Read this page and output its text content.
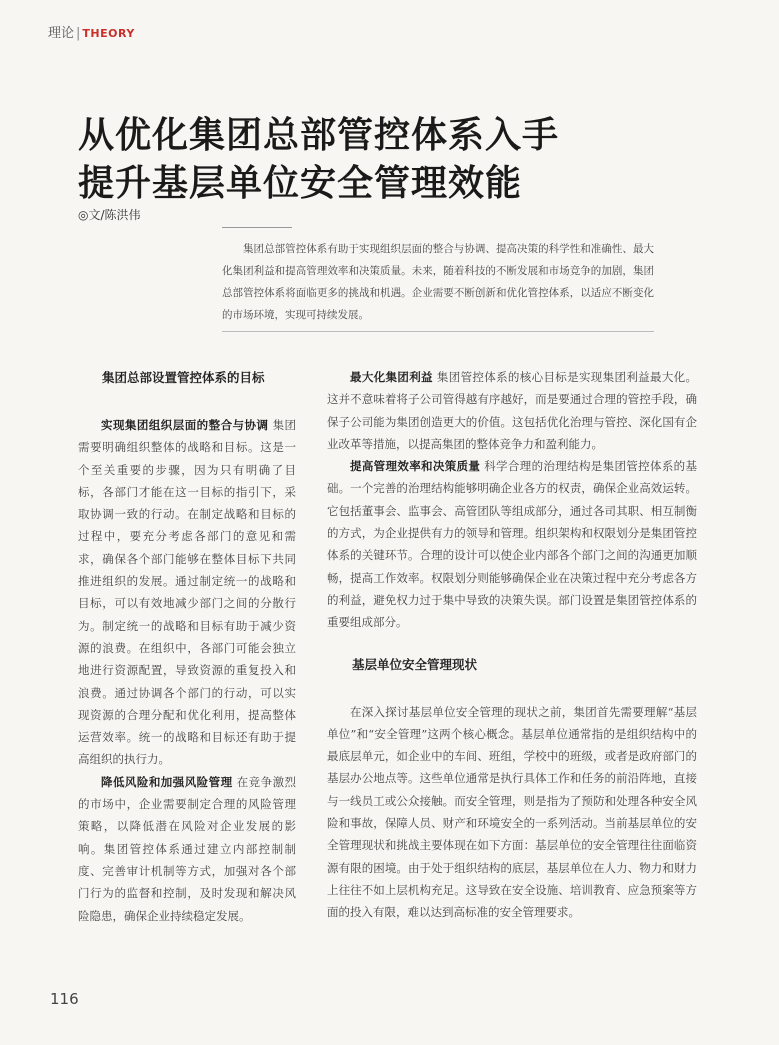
理论 | THEORY
从优化集团总部管控体系入手
提升基层单位安全管理效能
◎文/陈洪伟

集团总部管控体系有助于实现组织层面的整合与协调、提高决策的科学性和准确性、最大化集团利益和提高管理效率和决策质量。未来，随着科技的不断发展和市场竞争的加剧，集团总部管控体系将面临更多的挑战和机遇。企业需要不断创新和优化管控体系，以适应不断变化的市场环境，实现可持续发展。

集团总部设置管控体系的目标

实现集团组织层面的整合与协调 集团需要明确组织整体的战略和目标。这是一个至关重要的步骤，因为只有明确了目标，各部门才能在这一目标的指引下，采取协调一致的行动。在制定战略和目标的过程中，要充分考虑各部门的意见和需求，确保各个部门能够在整体目标下共同推进组织的发展。通过制定统一的战略和目标，可以有效地减少部门之间的分散行为。制定统一的战略和目标有助于减少资源的浪费。在组织中，各部门可能会独立地进行资源配置，导致资源的重复投入和浪费。通过协调各个部门的行动，可以实现资源的合理分配和优化利用，提高整体运营效率。统一的战略和目标还有助于提高组织的执行力。

降低风险和加强风险管理 在竞争激烈的市场中，企业需要制定合理的风险管理策略，以降低潜在风险对企业发展的影响。集团管控体系通过建立内部控制制度、完善审计机制等方式，加强对各个部门行为的监督和控制，及时发现和解决风险隐患，确保企业持续稳定发展。

最大化集团利益 集团管控体系的核心目标是实现集团利益最大化。这并不意味着将子公司管得越有序越好，而是要通过合理的管控手段，确保子公司能为集团创造更大的价值。这包括优化治理与管控、深化国有企业改革等措施，以提高集团的整体竞争力和盈利能力。

提高管理效率和决策质量 科学合理的治理结构是集团管控体系的基础。一个完善的治理结构能够明确企业各方的权责，确保企业高效运转。它包括董事会、监事会、高管团队等组成部分，通过各司其职、相互制衡的方式，为企业提供有力的领导和管理。组织架构和权限划分是集团管控体系的关键环节。合理的设计可以使企业内部各个部门之间的沟通更加顺畅，提高工作效率。权限划分则能够确保企业在决策过程中充分考虑各方的利益，避免权力过于集中导致的决策失误。部门设置是集团管控体系的重要组成部分。

基层单位安全管理现状

在深入探讨基层单位安全管理的现状之前，集团首先需要理解“基层单位”和“安全管理”这两个核心概念。基层单位通常指的是组织结构中的最底层单元，如企业中的车间、班组，学校中的班级，或者是政府部门的基层办公地点等。这些单位通常是执行具体工作和任务的前沿阵地，直接与一线员工或公众接触。而安全管理，则是指为了预防和处理各种安全风险和事故，保障人员、财产和环境安全的一系列活动。当前基层单位的安全管理现状和挑战主要体现在如下方面：基层单位的安全管理往往面临资源有限的困境。由于处于组织结构的底层，基层单位在人力、物力和财力上往往不如上层机构充足。这导致在安全设施、培训教育、应急预案等方面的投入有限，难以达到高标准的安全管理要求。

116
